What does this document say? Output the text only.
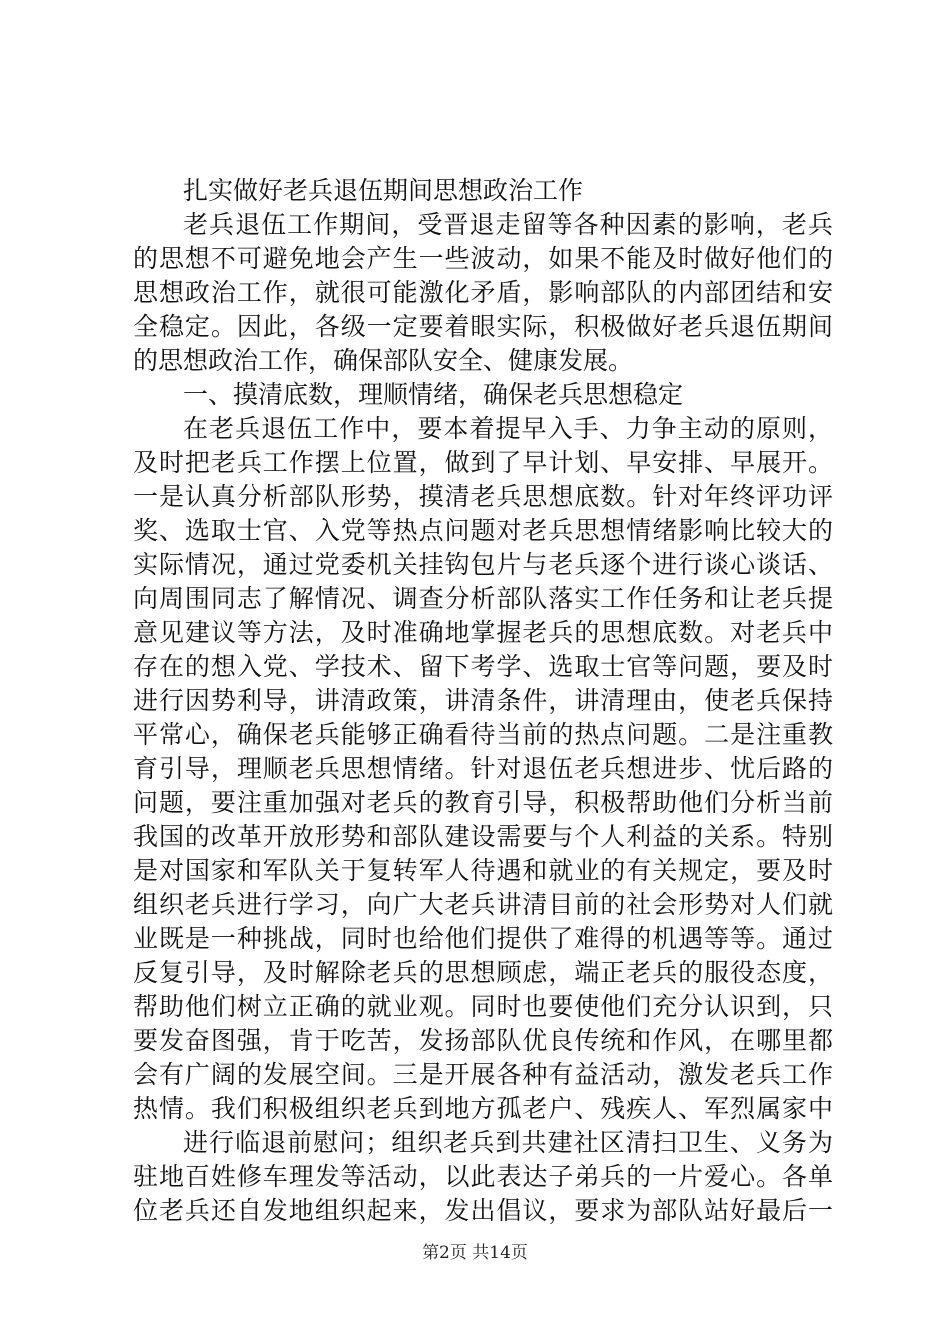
扎实做好老兵退伍期间思想政治工作
老兵退伍工作期间，受晋退走留等各种因素的影响，老兵
的思想不可避免地会产生一些波动，如果不能及时做好他们的
思想政治工作，就很可能激化矛盾，影响部队的内部团结和安
全稳定。因此，各级一定要着眼实际，积极做好老兵退伍期间
的思想政治工作，确保部队安全、健康发展。
一、摸清底数，理顺情绪，确保老兵思想稳定
在老兵退伍工作中，要本着提早入手、力争主动的原则，
及时把老兵工作摆上位置，做到了早计划、早安排、早展开。
一是认真分析部队形势，摸清老兵思想底数。针对年终评功评
奖、选取士官、入党等热点问题对老兵思想情绪影响比较大的
实际情况，通过党委机关挂钩包片与老兵逐个进行谈心谈话、
向周围同志了解情况、调查分析部队落实工作任务和让老兵提
意见建议等方法，及时准确地掌握老兵的思想底数。对老兵中
存在的想入党、学技术、留下考学、选取士官等问题，要及时
进行因势利导，讲清政策，讲清条件，讲清理由，使老兵保持
平常心，确保老兵能够正确看待当前的热点问题。二是注重教
育引导，理顺老兵思想情绪。针对退伍老兵想进步、忧后路的
问题，要注重加强对老兵的教育引导，积极帮助他们分析当前
我国的改革开放形势和部队建设需要与个人利益的关系。特别
是对国家和军队关于复转军人待遇和就业的有关规定，要及时
组织老兵进行学习，向广大老兵讲清目前的社会形势对人们就
业既是一种挑战，同时也给他们提供了难得的机遇等等。通过
反复引导，及时解除老兵的思想顾虑，端正老兵的服役态度，
帮助他们树立正确的就业观。同时也要使他们充分认识到，只
要发奋图强，肯于吃苦，发扬部队优良传统和作风，在哪里都
会有广阔的发展空间。三是开展各种有益活动，激发老兵工作
热情。我们积极组织老兵到地方孤老户、残疾人、军烈属家中
进行临退前慰问；组织老兵到共建社区清扫卫生、义务为
驻地百姓修车理发等活动，以此表达子弟兵的一片爱心。各单
位老兵还自发地组织起来，发出倡议，要求为部队站好最后一
第2页 共14页
